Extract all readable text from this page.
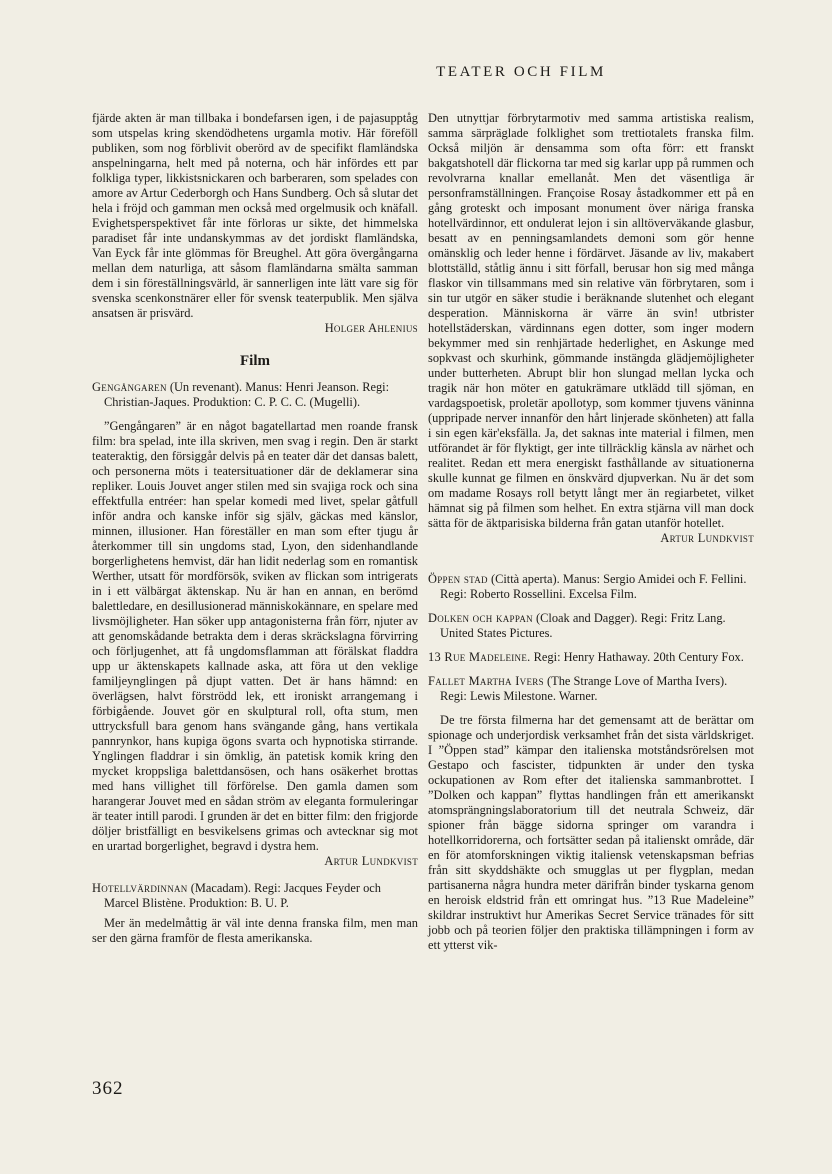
TEATER OCH FILM

fjärde akten är man tillbaka i bondefarsen igen, i de pajasupptåg som utspelas kring skendödhetens urgamla motiv. Här föreföll publiken, som nog förblivit oberörd av de specifikt flamländska anspelningarna, helt med på noterna, och här infördes ett par folkliga typer, likkistsnickaren och barberaren, som spelades con amore av Artur Cederborgh och Hans Sundberg. Och så slutar det hela i fröjd och gamman men också med orgelmusik och knäfall. Evighetsperspektivet får inte förloras ur sikte, det himmelska paradiset får inte undanskymmas av det jordiskt flamländska, Van Eyck får inte glömmas för Breughel. Att göra övergångarna mellan dem naturliga, att såsom flamländarna smälta samman dem i sin föreställningsvärld, är sannerligen inte lätt vare sig för svenska scenkonstnärer eller för svensk teaterpublik. Men själva ansatsen är prisvärd.

Holger Ahlenius

Film

Gengångaren (Un revenant). Manus: Henri Jeanson. Regi: Christian-Jaques. Produktion: C. P. C. C. (Mugelli).

”Gengångaren” är en något bagatellartad men roande fransk film: bra spelad, inte illa skriven, men svag i regin. Den är starkt teateraktig, den försiggår delvis på en teater där det dansas balett, och personerna möts i teatersituationer där de deklamerar sina repliker. Louis Jouvet anger stilen med sin svajiga rock och sina effektfulla entréer: han spelar komedi med livet, spelar gåtfull inför andra och kanske inför sig själv, gäckas med känslor, minnen, illusioner. Han föreställer en man som efter tjugu år återkommer till sin ungdoms stad, Lyon, den sidenhandlande borgerlighetens hemvist, där han lidit nederlag som en romantisk Werther, utsatt för mordförsök, sviken av flickan som intrigerats in i ett välbärgat äktenskap. Nu är han en annan, en berömd balettledare, en desillusionerad människokännare, en spelare med livsmöjligheter. Han söker upp antagonisterna från förr, njuter av att genomskådande betrakta dem i deras skräckslagna förvirring och förljugenhet, att få ungdomsflamman att förälskat fladdra upp ur äktenskapets kallnade aska, att föra ut den veklige familjeynglingen på djupt vatten. Det är hans hämnd: en överlägsen, halvt förströdd lek, ett ironiskt arrangemang i förbigående. Jouvet gör en skulptural roll, ofta stum, men uttrycksfull bara genom hans svängande gång, hans vertikala pannrynkor, hans kupiga ögons svarta och hypnotiska stirrande. Ynglingen fladdrar i sin ömklig, än patetisk komik kring den mycket kroppsliga balettdansösen, och hans osäkerhet brottas med hans villighet till förförelse. Den gamla damen som harangerar Jouvet med en sådan ström av eleganta formuleringar är teater intill parodi. I grunden är det en bitter film: den frigjorde döljer bristfälligt en besvikelsens grimas och avtecknar sig mot en urartad borgerlighet, begravd i dystra hem.

Artur Lundkvist

Hotellvärdinnan (Macadam). Regi: Jacques Feyder och Marcel Blistène. Produktion: B. U. P.

Mer än medelmåttig är väl inte denna franska film, men man ser den gärna framför de flesta amerikanska.

Den utnyttjar förbrytarmotiv med samma artistiska realism, samma särpräglade folklighet som trettiotalets franska film. Också miljön är densamma som ofta förr: ett franskt bakgatshotell där flickorna tar med sig karlar upp på rummen och revolvrarna knallar emellanåt. Men det väsentliga är personframställningen. Françoise Rosay åstadkommer ett på en gång groteskt och imposant monument över näriga franska hotellvärdinnor, ett ondulerat lejon i sin alltöverväkande glasbur, besatt av en penningsamlandets demoni som gör henne omänsklig och leder henne i fördärvet. Jäsande av liv, makabert blottställd, ståtlig ännu i sitt förfall, berusar hon sig med många flaskor vin tillsammans med sin relative vän förbrytaren, som i sin tur utgör en säker studie i beräknande slutenhet och elegant desperation. Människorna är värre än svin! utbrister hotellstäderskan, värdinnans egen dotter, som inger modern bekymmer med sin renhjärtade hederlighet, en Askunge med sopkvast och skurhink, gömmande instängda glädjemöjligheter under butterheten. Abrupt blir hon slungad mellan lycka och tragik när hon möter en gatukrämare utklädd till sjöman, en vardagspoetisk, proletär apollotyp, som kommer tjuvens väninna (uppripade nerver innanför den hårt linjerade skönheten) att falla i sin egen kär'eksfälla. Ja, det saknas inte material i filmen, men utförandet är för flyktigt, ger inte tillräcklig känsla av närhet och realitet. Redan ett mera energiskt fasthållande av situationerna skulle kunnat ge filmen en önskvärd djupverkan. Nu är det som om madame Rosays roll betytt långt mer än regiarbetet, vilket hämnat sig på filmen som helhet. En extra stjärna vill man dock sätta för de äktparisiska bilderna från gatan utanför hotellet.

Artur Lundkvist

Öppen stad (Città aperta). Manus: Sergio Amidei och F. Fellini. Regi: Roberto Rossellini. Excelsa Film.

Dolken och kappan (Cloak and Dagger). Regi: Fritz Lang. United States Pictures.

13 Rue Madeleine. Regi: Henry Hathaway. 20th Century Fox.

Fallet Martha Ivers (The Strange Love of Martha Ivers). Regi: Lewis Milestone. Warner.

De tre första filmerna har det gemensamt att de berättar om spionage och underjordisk verksamhet från det sista världskriget. I ”Öppen stad” kämpar den italienska motståndsrörelsen mot Gestapo och fascister, tidpunkten är under den tyska ockupationen av Rom efter det italienska sammanbrottet. I ”Dolken och kappan” flyttas handlingen från ett amerikanskt atomsprängningslaboratorium till det neutrala Schweiz, där spioner från bägge sidorna springer om varandra i hotellkorridorerna, och fortsätter sedan på italienskt område, där en för atomforskningen viktig italiensk vetenskapsman befrias från sitt skyddshäkte och smugglas ut per flygplan, medan partisanerna några hundra meter därifrån binder tyskarna genom en heroisk eldstrid från ett omringat hus. ”13 Rue Madeleine” skildrar instruktivt hur Amerikas Secret Service tränades för sitt jobb och på teorien följer den praktiska tillämpningen i form av ett ytterst vik-

362
